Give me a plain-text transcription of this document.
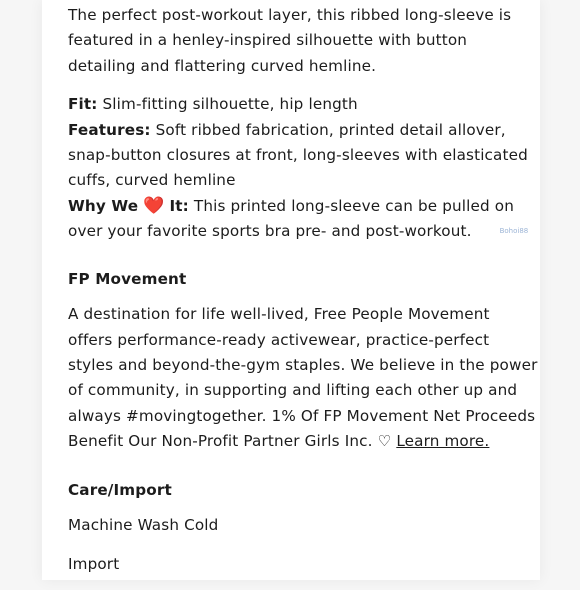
The perfect post-workout layer, this ribbed long-sleeve is featured in a henley-inspired silhouette with button detailing and flattering curved hemline.

Fit: Slim-fitting silhouette, hip length

Features: Soft ribbed fabrication, printed detail allover, snap-button closures at front, long-sleeves with elasticated cuffs, curved hemline

Why We ❤️ It: This printed long-sleeve can be pulled on over your favorite sports bra pre- and post-workout.	Bohoi88

FP Movement

A destination for life well-lived, Free People Movement offers performance-ready activewear, practice-perfect styles and beyond-the-gym staples. We believe in the power of community, in supporting and lifting each other up and always #movingtogether. 1% Of FP Movement Net Proceeds Benefit Our Non-Profit Partner Girls Inc. ♡ Learn more.

Care/Import

Machine Wash Cold

Import
